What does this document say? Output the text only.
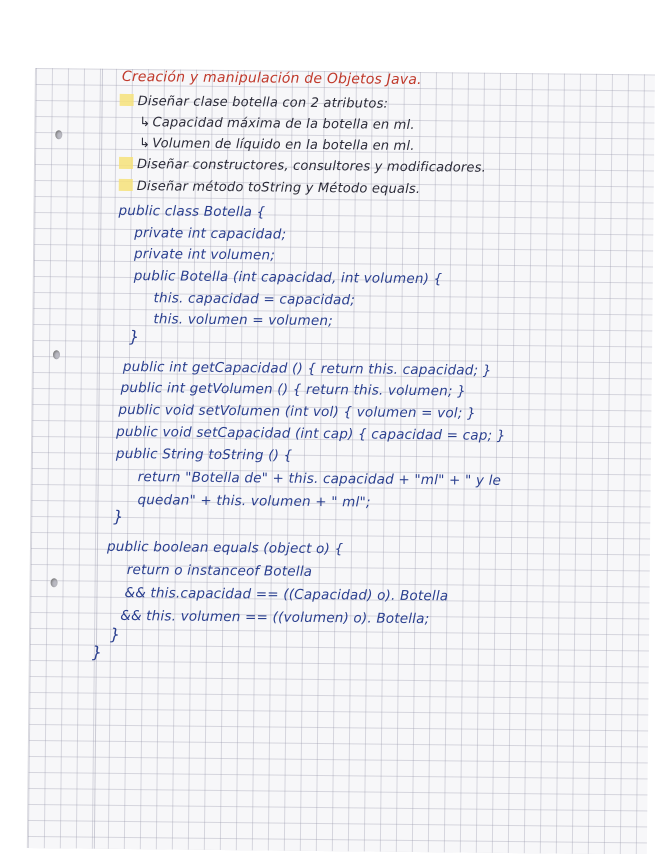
Creación y manipulación de Objetos Java.
Diseñar clase botella con 2 atributos:
↳ Capacidad máxima de la botella en ml.
↳ Volumen de líquido en la botella en ml.
Diseñar constructores, consultores y modificadores.
Diseñar método toString y Método equals.
public class Botella {
private int capacidad;
private int volumen;
public Botella (int capacidad, int volumen) {
this. capacidad = capacidad;
this. volumen = volumen;
}
public int getCapacidad () { return this. capacidad; }
public int getVolumen () { return this. volumen; }
public void setVolumen (int vol) { volumen = vol; }
public void setCapacidad (int cap) { capacidad = cap; }
public String toString () {
return "Botella de" + this. capacidad + "ml" + " y le
quedan" + this. volumen + " ml";
}
public boolean equals (object o) {
return o instanceof Botella
&& this.capacidad == ((Capacidad) o). Botella
&& this. volumen == ((volumen) o). Botella;
}
}
